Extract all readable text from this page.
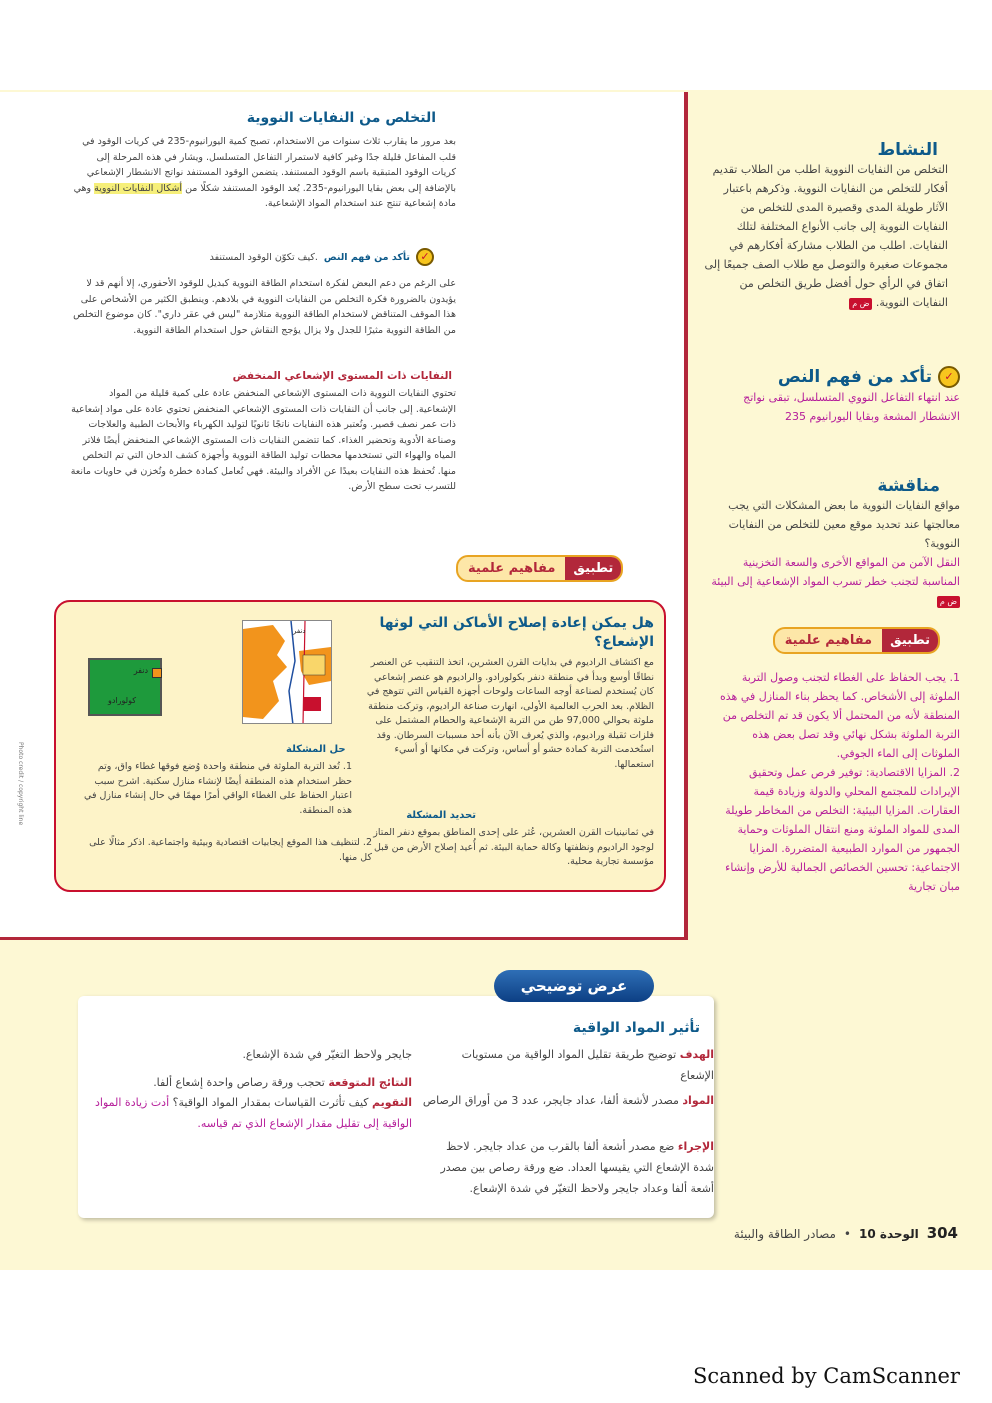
التخلص من النفايات النووية
بعد مرور ما يقارب ثلاث سنوات من الاستخدام، تصبح كمية اليورانيوم-235 في كريات الوقود في قلب المفاعل قليلة جدًا وغير كافية لاستمرار التفاعل المتسلسل. ويشار في هذه المرحلة إلى كريات الوقود المتبقية باسم الوقود المستنفد. يتضمن الوقود المستنفد نواتج الانشطار الإشعاعي بالإضافة إلى بعض بقايا اليورانيوم-235. يُعد الوقود المستنفد شكلًا من أشكال النفايات النووية وهي مادة إشعاعية تنتج عند استخدام المواد الإشعاعية.
كيف تكوّن الوقود المستنفد. تأكد من فهم النص ✓
على الرغم من دعم البعض لفكرة استخدام الطاقة النووية كبديل للوقود الأحفوري، إلا أنهم قد لا يؤيدون بالضرورة فكرة التخلص من النفايات النووية في بلادهم. وينطبق الكثير من الأشخاص على هذا الموقف المتناقض لاستخدام الطاقة النووية متلازمة "ليس في عقر داري". كان موضوع التخلص من الطاقة النووية مثيرًا للجدل ولا يزال يؤجج النقاش حول استخدام الطاقة النووية.
النفايات ذات المستوى الإشعاعي المنخفض
تحتوي النفايات النووية ذات المستوى الإشعاعي المنخفض عادة على كمية قليلة من المواد الإشعاعية. إلى جانب أن النفايات ذات المستوى الإشعاعي المنخفض تحتوي عادة على مواد إشعاعية ذات عمر نصف قصير. وتُعتبر هذه النفايات ناتجًا ثانويًا لتوليد الكهرباء والأبحاث الطبية والعلاجات وصناعة الأدوية وتحضير الغذاء. كما تتضمن النفايات ذات المستوى الإشعاعي المنخفض أيضًا فلاتر المياه والهواء التي تستخدمها محطات توليد الطاقة النووية وأجهزة كشف الدخان التي تم التخلص منها. تُحفظ هذه النفايات بعيدًا عن الأفراد والبيئة. فهي تُعامل كمادة خطرة وتُخزن في حاويات مانعة للتسرب تحت سطح الأرض.
تطبيق
مفاهيم علمية
Photo credit / copyright line
هل يمكن إعادة إصلاح الأماكن التي لوثها الإشعاع؟
مع اكتشاف الراديوم في بدايات القرن العشرين، اتخذ التنقيب عن العنصر نطاقًا أوسع وبدأ في منطقة دنفر بكولورادو. والراديوم هو عنصر إشعاعي كان يُستخدم لصناعة أوجه الساعات ولوحات أجهزة القياس التي تتوهج في الظلام. بعد الحرب العالمية الأولى، انهارت صناعة الراديوم، وتركت منطقة ملوثة بحوالي 97,000 طن من التربة الإشعاعية والحطام المشتمل على فلزات ثقيلة وراديوم، والذي يُعرف الآن بأنه أحد مسببات السرطان. وقد استُخدمت التربة كمادة حشو أو أساس، وتركت في مكانها أو أسيء استعمالها.
تحديد المشكلة
في ثمانينيات القرن العشرين، عُثر على إحدى المناطق بموقع دنفر المتاز لوجود الراديوم ونظفتها وكالة حماية البيئة. ثم أُعيد إصلاح الأرض من قبل مؤسسة تجارية محلية.
دنفر
دنفر
كولورادو
حل المشكلة
1. تُعد التربة الملوثة في منطقة واحدة وُضع فوقها غطاء واق، وتم حظر استخدام هذه المنطقة أيضًا لإنشاء منازل سكنية. اشرح سبب اعتبار الحفاظ على الغطاء الواقي أمرًا مهمًا في حال إنشاء منازل في هذه المنطقة.
2. لتنظيف هذا الموقع إيجابيات اقتصادية وبيئية واجتماعية. اذكر مثالًا على كل منها.
النشاط
التخلص من النفايات النووية اطلب من الطلاب تقديم أفكار للتخلص من النفايات النووية. وذكرهم باعتبار الآثار طويلة المدى وقصيرة المدى للتخلص من النفايات النووية إلى جانب الأنواع المختلفة لتلك النفايات. اطلب من الطلاب مشاركة أفكارهم في مجموعات صغيرة والتوصل مع طلاب الصف جميعًا إلى اتفاق في الرأي حول أفضل طريق التخلص من النفايات النووية. ض م
✓
تأكد من فهم النص
عند انتهاء التفاعل النووي المتسلسل، تبقى نواتج الانشطار المشعة وبقايا اليورانيوم 235
مناقشة
مواقع النفايات النووية ما بعض المشكلات التي يجب معالجتها عند تحديد موقع معين للتخلص من النفايات النووية؟
النقل الآمن من المواقع الأخرى والسعة التخزينية المناسبة لتجنب خطر تسرب المواد الإشعاعية إلى البيئة ض م
تطبيق
مفاهيم علمية
1. يجب الحفاظ على الغطاء لتجنب وصول التربة الملوثة إلى الأشخاص. كما يحظر بناء المنازل في هذه المنطقة لأنه من المحتمل ألا يكون قد تم التخلص من التربة الملوثة بشكل نهائي وقد تصل بعض هذه الملوثات إلى الماء الجوفي.
2. المزايا الاقتصادية: توفير فرص عمل وتحقيق الإيرادات للمجتمع المحلي والدولة وزيادة قيمة العقارات. المزايا البيئية: التخلص من المخاطر طويلة المدى للمواد الملوثة ومنع انتقال الملوثات وحماية الجمهور من الموارد الطبيعية المتضررة. المزايا الاجتماعية: تحسين الخصائص الجمالية للأرض وإنشاء مبان تجارية
تأثير المواد الواقية
الهدف توضيح طريقة تقليل المواد الواقية من مستويات الإشعاع
المواد مصدر لأشعة ألفا، عداد جايجر، عدد 3 من أوراق الرصاص
الإجراء ضع مصدر أشعة ألفا بالقرب من عداد جايجر. لاحظ شدة الإشعاع التي يقيسها العداد. ضع ورقة رصاص بين مصدر أشعة ألفا وعداد جايجر ولاحظ التغيّر في شدة الإشعاع.
جايجر ولاحظ التغيّر في شدة الإشعاع.
النتائج المتوقعة تحجب ورقة رصاص واحدة إشعاع ألفا.
التقويم كيف تأثرت القياسات بمقدار المواد الواقية؟ أدت زيادة المواد الواقية إلى تقليل مقدار الإشعاع الذي تم قياسه.
عرض توضيحي
304
الوحدة 10
•
مصادر الطاقة والبيئة
Scanned by CamScanner
